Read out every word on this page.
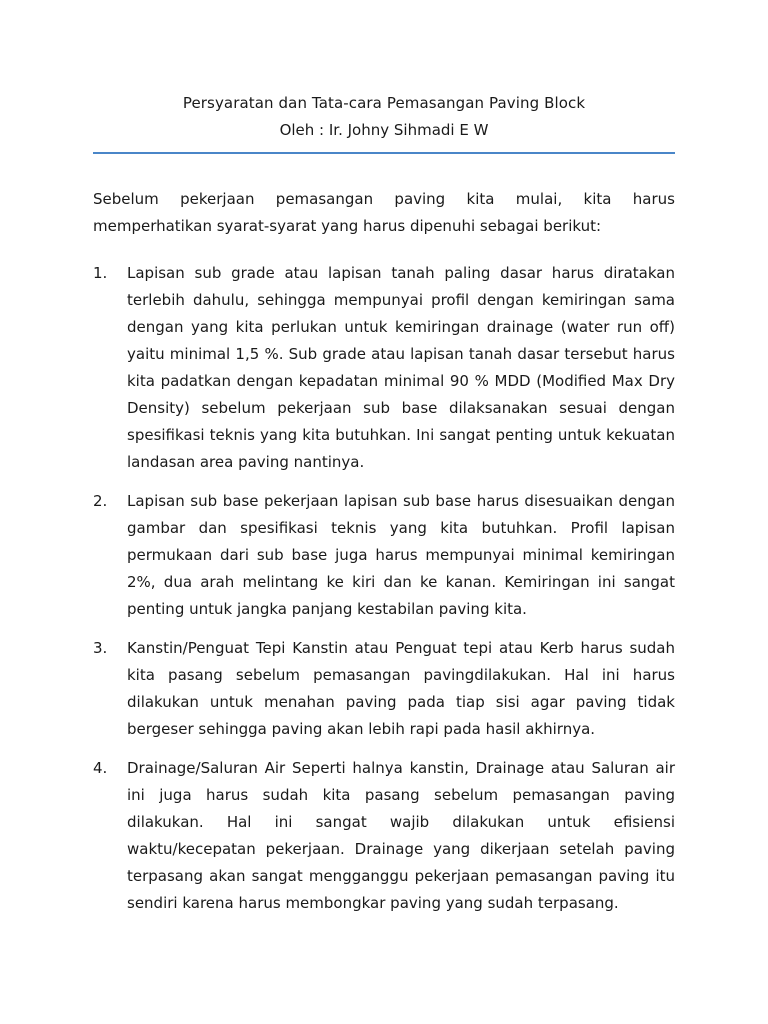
Persyaratan dan Tata-cara Pemasangan Paving Block

Oleh : Ir. Johny Sihmadi E W

Sebelum pekerjaan pemasangan paving kita mulai, kita harus memperhatikan syarat-syarat yang harus dipenuhi sebagai berikut:

1.	Lapisan sub grade atau lapisan tanah paling dasar harus diratakan terlebih dahulu, sehingga mempunyai profil dengan kemiringan sama dengan yang kita perlukan untuk kemiringan drainage (water run off) yaitu minimal 1,5 %. Sub grade atau lapisan tanah dasar tersebut harus kita padatkan dengan kepadatan minimal 90 % MDD (Modified Max Dry Density) sebelum pekerjaan sub base dilaksanakan sesuai dengan spesifikasi teknis yang kita butuhkan. Ini sangat penting untuk kekuatan landasan area paving nantinya.
2.	Lapisan sub base pekerjaan lapisan sub base harus disesuaikan dengan gambar dan spesifikasi teknis yang kita butuhkan. Profil lapisan permukaan dari sub base juga harus mempunyai minimal kemiringan 2%, dua arah melintang ke kiri dan ke kanan. Kemiringan ini sangat penting untuk jangka panjang kestabilan paving kita.
3.	Kanstin/Penguat Tepi Kanstin atau Penguat tepi atau Kerb harus sudah kita pasang sebelum pemasangan pavingdilakukan. Hal ini harus dilakukan untuk menahan paving pada tiap sisi agar paving tidak bergeser sehingga paving akan lebih rapi pada hasil akhirnya.
4.	Drainage/Saluran Air Seperti halnya kanstin, Drainage atau Saluran air ini juga harus sudah kita pasang sebelum pemasangan paving dilakukan. Hal ini sangat wajib dilakukan untuk efisiensi waktu/kecepatan pekerjaan. Drainage yang dikerjaan setelah paving terpasang akan sangat mengganggu pekerjaan pemasangan paving itu sendiri karena harus membongkar paving yang sudah terpasang.
